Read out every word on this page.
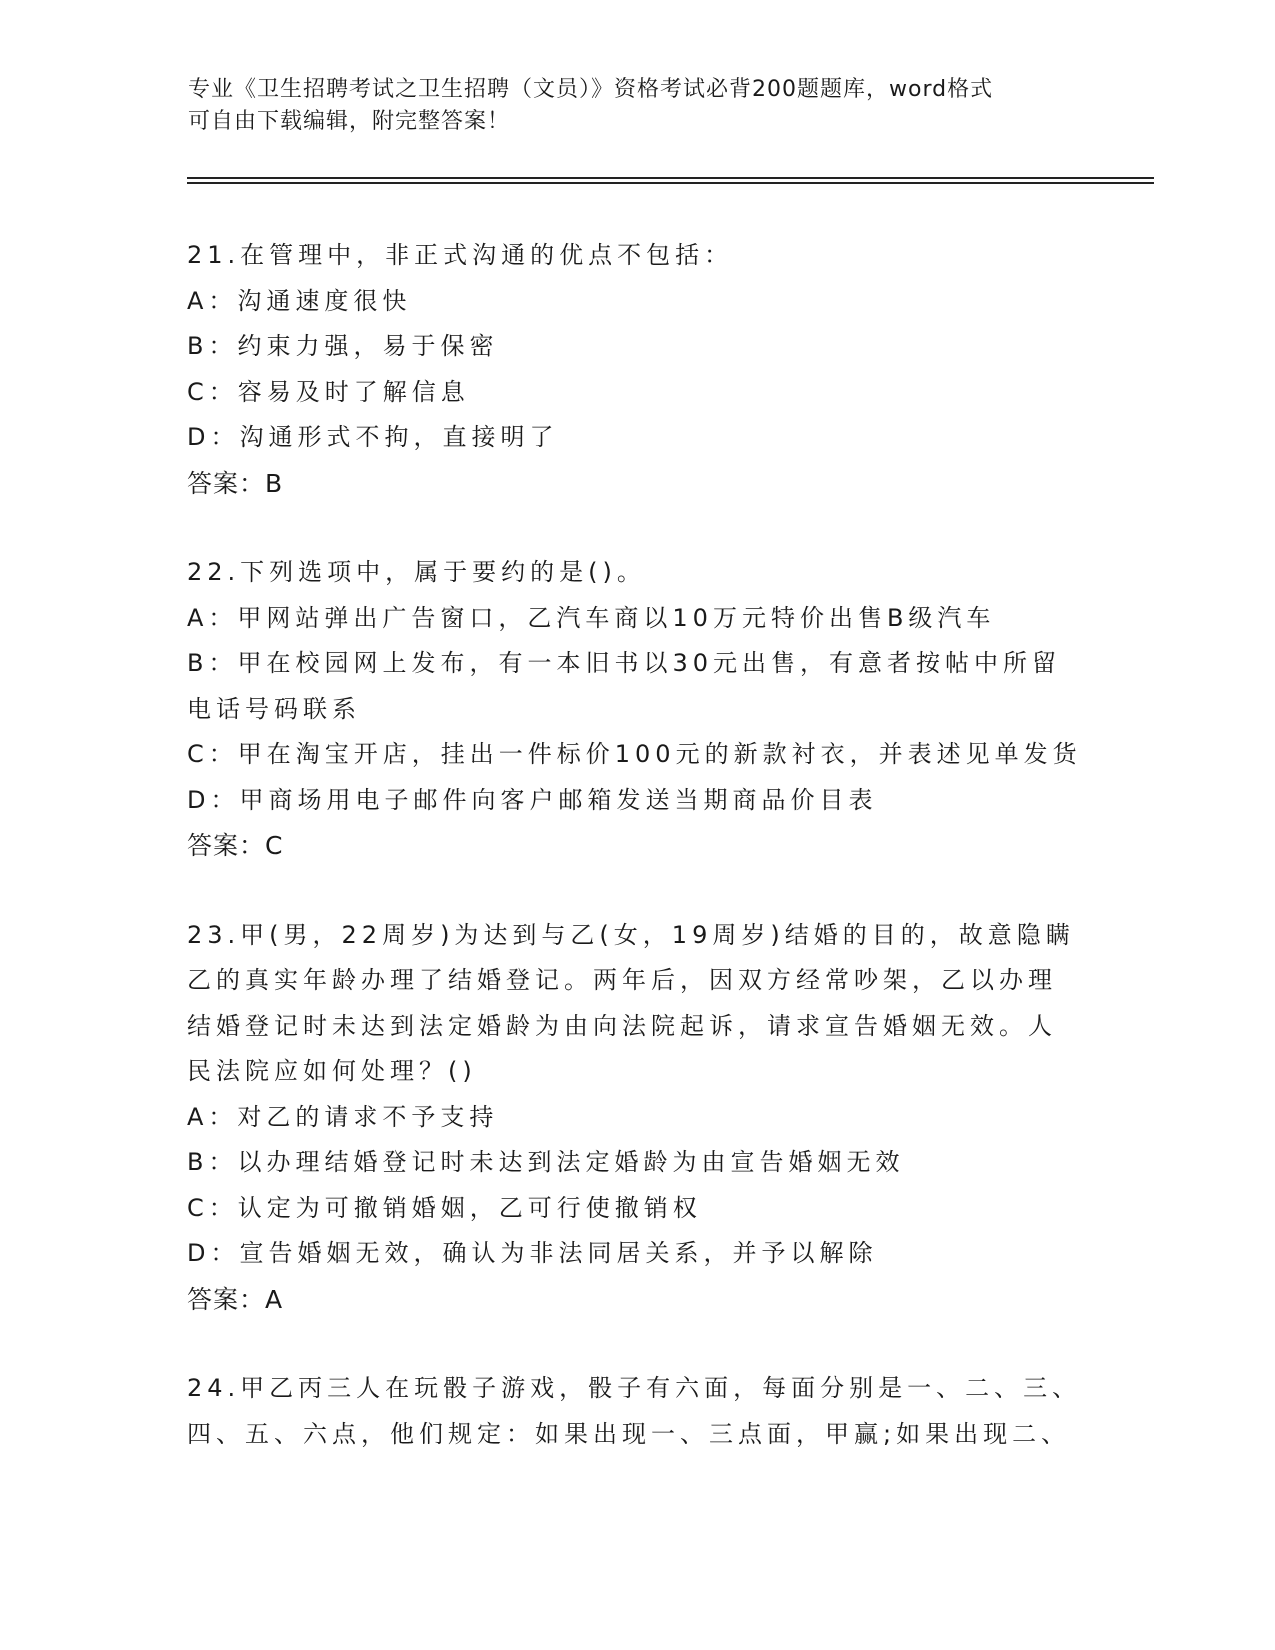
专业《卫生招聘考试之卫生招聘（文员）》资格考试必背200题题库，word格式
可自由下载编辑，附完整答案！
21.在管理中，非正式沟通的优点不包括：
A：沟通速度很快
B：约束力强，易于保密
C：容易及时了解信息
D：沟通形式不拘，直接明了
答案：B
22.下列选项中，属于要约的是()。
A：甲网站弹出广告窗口，乙汽车商以10万元特价出售B级汽车
B：甲在校园网上发布，有一本旧书以30元出售，有意者按帖中所留
电话号码联系
C：甲在淘宝开店，挂出一件标价100元的新款衬衣，并表述见单发货
D：甲商场用电子邮件向客户邮箱发送当期商品价目表
答案：C
23.甲(男，22周岁)为达到与乙(女，19周岁)结婚的目的，故意隐瞒
乙的真实年龄办理了结婚登记。两年后，因双方经常吵架，乙以办理
结婚登记时未达到法定婚龄为由向法院起诉，请求宣告婚姻无效。人
民法院应如何处理？()
A：对乙的请求不予支持
B：以办理结婚登记时未达到法定婚龄为由宣告婚姻无效
C：认定为可撤销婚姻，乙可行使撤销权
D：宣告婚姻无效，确认为非法同居关系，并予以解除
答案：A
24.甲乙丙三人在玩骰子游戏，骰子有六面，每面分别是一、二、三、
四、五、六点，他们规定：如果出现一、三点面，甲赢;如果出现二、
